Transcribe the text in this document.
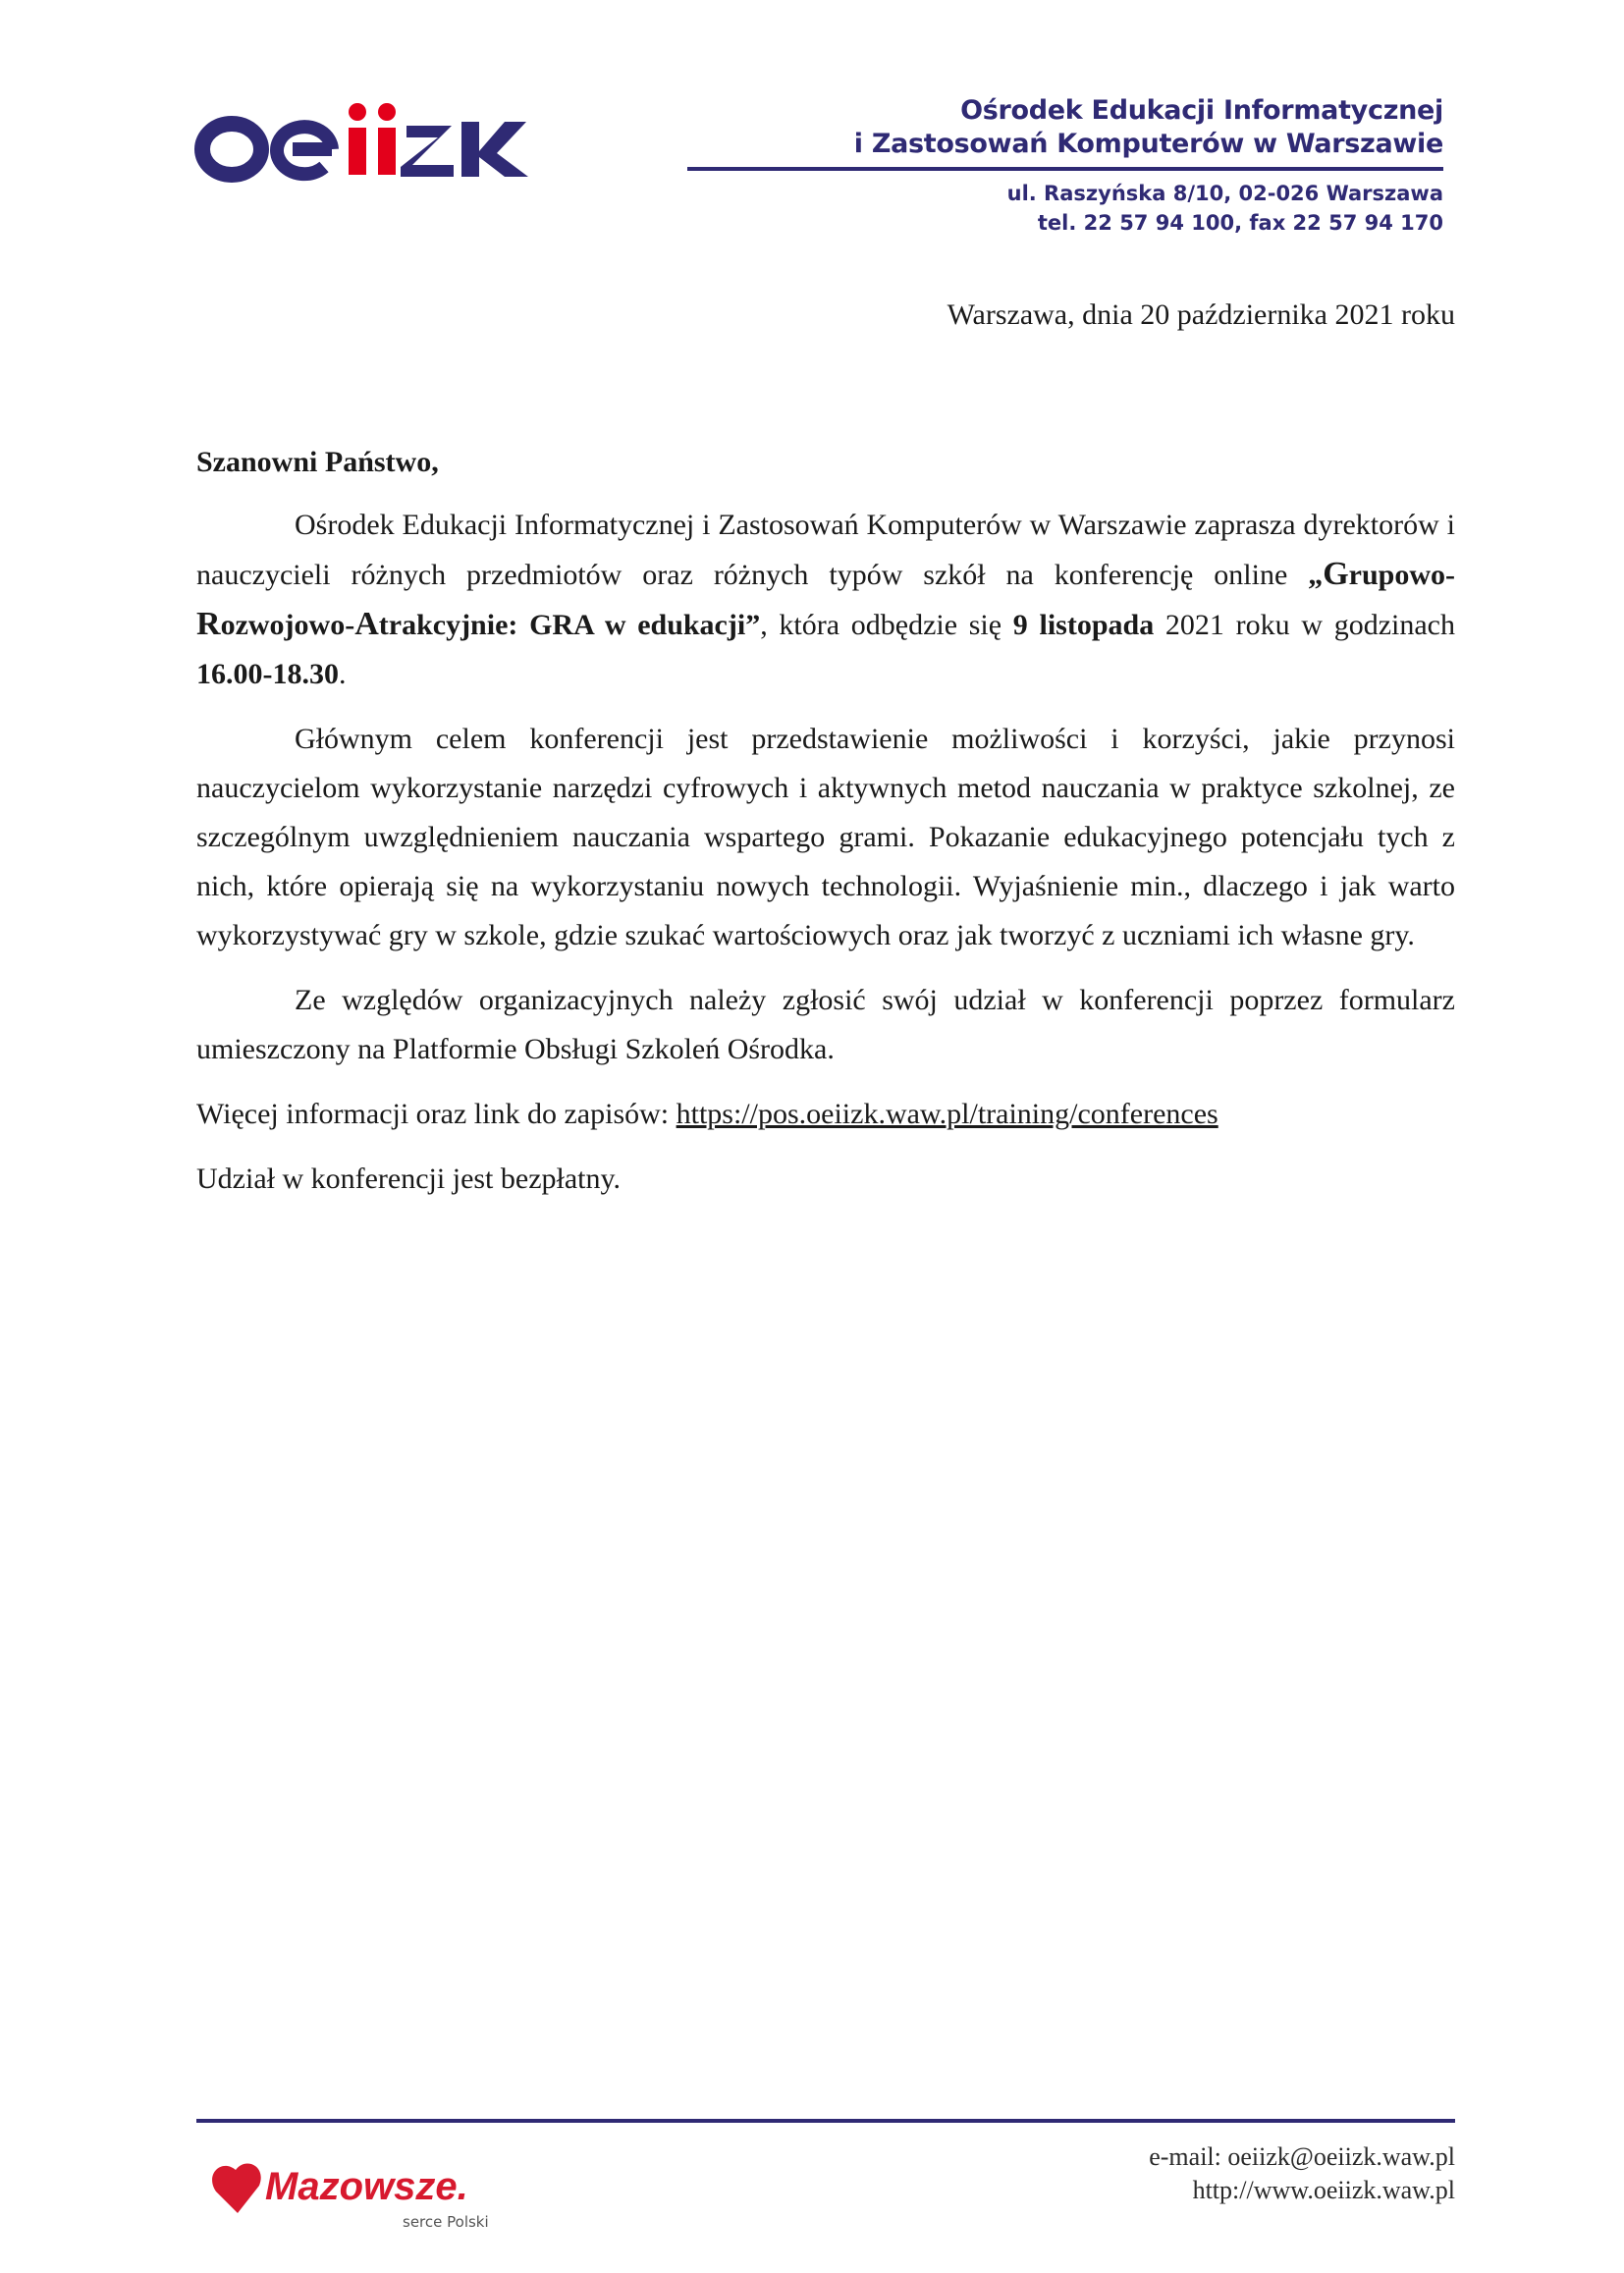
Ośrodek Edukacji Informatycznej
i Zastosowań Komputerów w Warszawie
ul. Raszyńska 8/10, 02-026 Warszawa
tel. 22 57 94 100, fax 22 57 94 170
Warszawa, dnia 20 października 2021 roku

Szanowni Państwo,

Ośrodek Edukacji Informatycznej i Zastosowań Komputerów w Warszawie zaprasza dyrektorów i nauczycieli różnych przedmiotów oraz różnych typów szkół na konferencję online „Grupowo-Rozwojowo-Atrakcyjnie: GRA w edukacji”, która odbędzie się 9 listopada 2021 roku w godzinach 16.00-18.30.

Głównym celem konferencji jest przedstawienie możliwości i korzyści, jakie przynosi nauczycielom wykorzystanie narzędzi cyfrowych i aktywnych metod nauczania w praktyce szkolnej, ze szczególnym uwzględnieniem nauczania wspartego grami. Pokazanie edukacyjnego potencjału tych z nich, które opierają się na wykorzystaniu nowych technologii. Wyjaśnienie min., dlaczego i jak warto wykorzystywać gry w szkole, gdzie szukać wartościowych oraz jak tworzyć z uczniami ich własne gry.

Ze względów organizacyjnych należy zgłosić swój udział w konferencji poprzez formularz umieszczony na Platformie Obsługi Szkoleń Ośrodka.

Więcej informacji oraz link do zapisów: https://pos.oeiizk.waw.pl/training/conferences

Udział w konferencji jest bezpłatny.

Mazowsze.
serce Polski
e-mail: oeiizk@oeiizk.waw.pl
http://www.oeiizk.waw.pl
